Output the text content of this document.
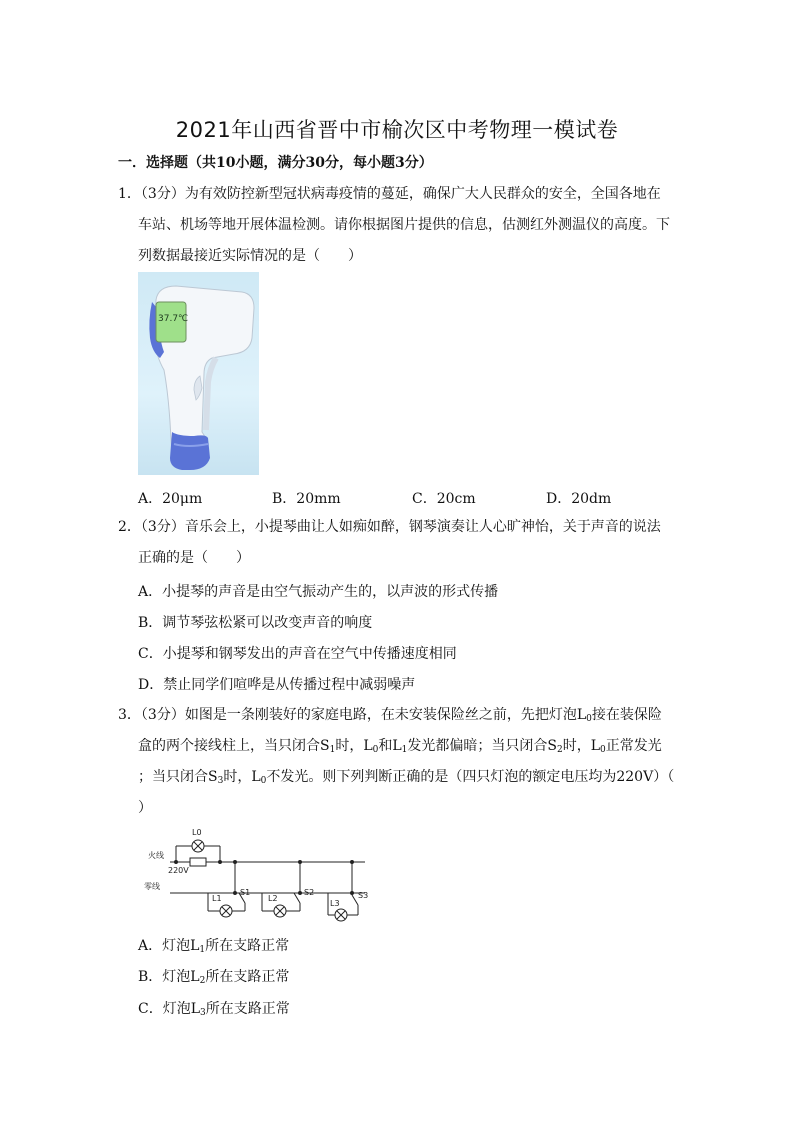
2021年山西省晋中市榆次区中考物理一模试卷
一．选择题（共10小题，满分30分，每小题3分）
1．（3分）为有效防控新型冠状病毒疫情的蔓延，确保广大人民群众的安全，全国各地在
车站、机场等地开展体温检测。请你根据图片提供的信息，估测红外测温仪的高度。下
列数据最接近实际情况的是（　　）
37.7℃
A．20μm	B．20mm	C．20cm	D．20dm
2．（3分）音乐会上，小提琴曲让人如痴如醉，钢琴演奏让人心旷神怡，关于声音的说法
正确的是（　　）
A．小提琴的声音是由空气振动产生的，以声波的形式传播
B．调节琴弦松紧可以改变声音的响度
C．小提琴和钢琴发出的声音在空气中传播速度相同
D．禁止同学们喧哗是从传播过程中减弱噪声
3．（3分）如图是一条刚装好的家庭电路，在未安装保险丝之前，先把灯泡$L_0$接在装保险
盒的两个接线柱上，当只闭合$S_1$时，$L_0$和$L_1$发光都偏暗；当只闭合$S_2$时，$L_0$正常发光
；当只闭合$S_3$时，$L_0$不发光。则下列判断正确的是（四只灯泡的额定电压均为220V）（
）
火线
零线
220V
L0
L1
S1
L2
S2
L3
S3
A．灯泡$L_1$所在支路正常
B．灯泡$L_2$所在支路正常
C．灯泡$L_3$所在支路正常
